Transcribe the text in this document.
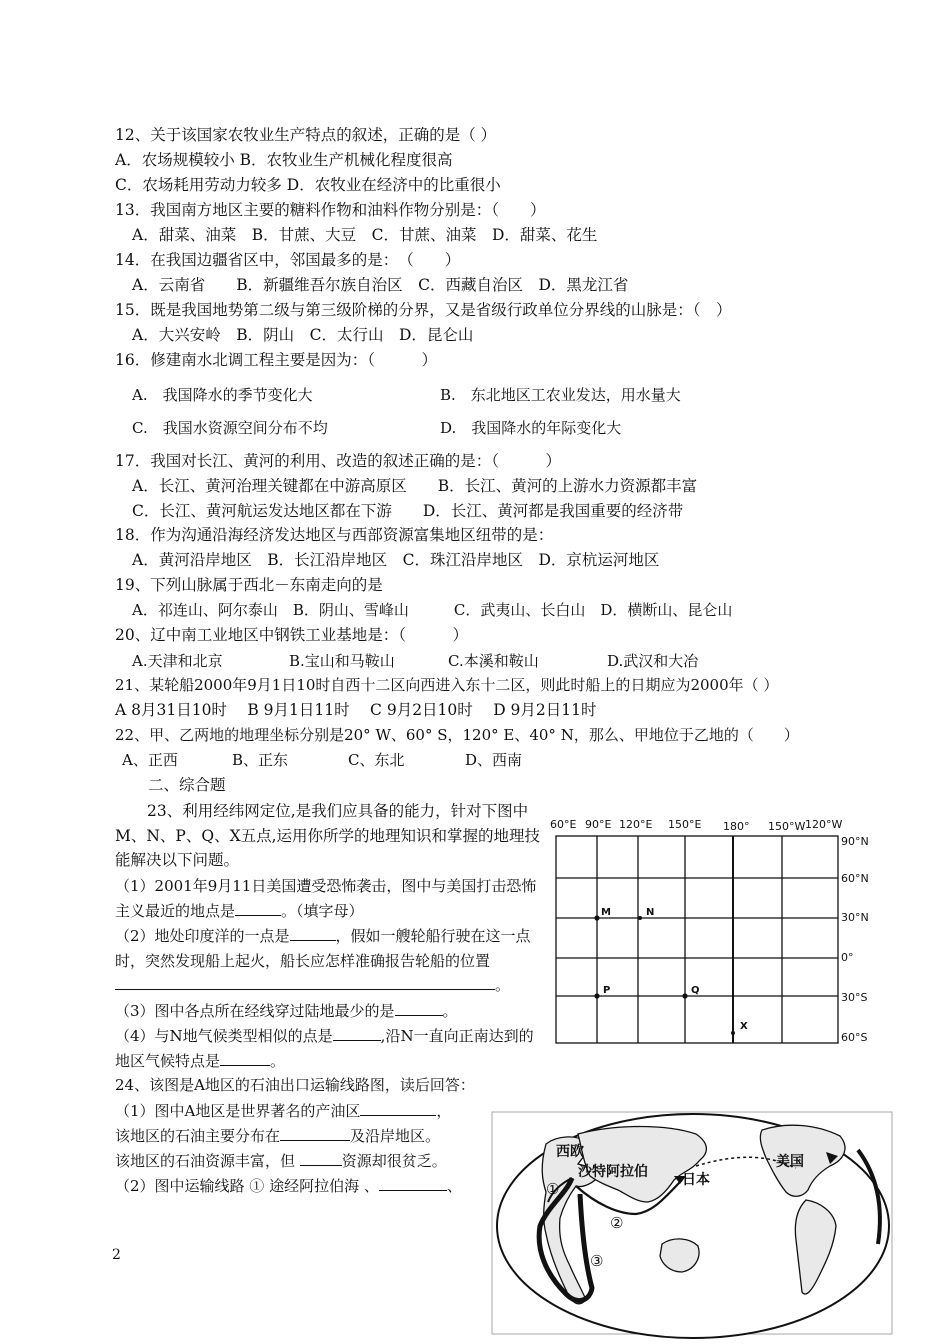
12、关于该国家农牧业生产特点的叙述，正确的是（ ）
A．农场规模较小 B．农牧业生产机械化程度很高
C．农场耗用劳动力较多 D．农牧业在经济中的比重很小
13．我国南方地区主要的糖料作物和油料作物分别是：（　　）
A．甜菜、油菜　B．甘蔗、大豆　C．甘蔗、油菜　D．甜菜、花生
14．在我国边疆省区中，邻国最多的是：　（　　）
A．云南省　　B．新疆维吾尔族自治区　C．西藏自治区　D．黑龙江省
15．既是我国地势第二级与第三级阶梯的分界，又是省级行政单位分界线的山脉是：（　）
A．大兴安岭　B．阴山　C．太行山　D．昆仑山
16．修建南水北调工程主要是因为：（　　　）
A.　我国降水的季节变化大	B.　东北地区工农业发达，用水量大
C.　我国水资源空间分布不均	D.　我国降水的年际变化大
17．我国对长江、黄河的利用、改造的叙述正确的是：（　　　）
A．长江、黄河治理关键都在中游高原区　　B．长江、黄河的上游水力资源都丰富
C．长江、黄河航运发达地区都在下游　　D．长江、黄河都是我国重要的经济带
18．作为沟通沿海经济发达地区与西部资源富集地区纽带的是：
A．黄河沿岸地区　B．长江沿岸地区　C．珠江沿岸地区　D．京杭运河地区
19、下列山脉属于西北－东南走向的是
A．祁连山、阿尔泰山　B．阴山、雪峰山　　　C．武夷山、长白山　D．横断山、昆仑山
20、辽中南工业地区中钢铁工业基地是：（　　　）
A.天津和北京	B.宝山和马鞍山	C.本溪和鞍山	D.武汉和大冶
21、某轮船2000年9月1日10时自西十二区向西进入东十二区，则此时船上的日期应为2000年（ ）
A 8月31日10时　 B 9月1日11时　 C 9月2日10时　 D 9月2日11时
22、甲、乙两地的地理坐标分别是20° W、60° S，120° E、40° N，那么、甲地位于乙地的（　　）
A、正西	B、正东	C、东北	D、西南
二、综合题
23、利用经纬网定位,是我们应具备的能力，针对下图中M、N、P、Q、X五点,运用你所学的地理知识和掌握的地理技能解决以下问题。
（1）2001年9月11日美国遭受恐怖袭击，图中与美国打击恐怖主义最近的地点是	。（填字母）
（2）地处印度洋的一点是	，假如一艘轮船行驶在这一点时，突然发现船上起火，船长应怎样准确报告轮船的位置。
（3）图中各点所在经线穿过陆地最少的是	。
（4）与N地气候类型相似的点是	,沿N一直向正南达到的地区气候特点是	。
60°E 90°E 120°E 150°E 180° 150°W 120°W
90°N
60°N
30°N
0°
30°S
60°S
M	N
P	Q
X
24、该图是A地区的石油出口运输线路图，读后回答：
（1）图中A地区是世界著名的产油区	，
该地区的石油主要分布在	及沿岸地区。
该地区的石油资源丰富，但	资源却很贫乏。
（2）图中运输线路 ① 途经阿拉伯海 、	、
西欧
沙特阿拉伯 日本
美国
①
②
③
2
